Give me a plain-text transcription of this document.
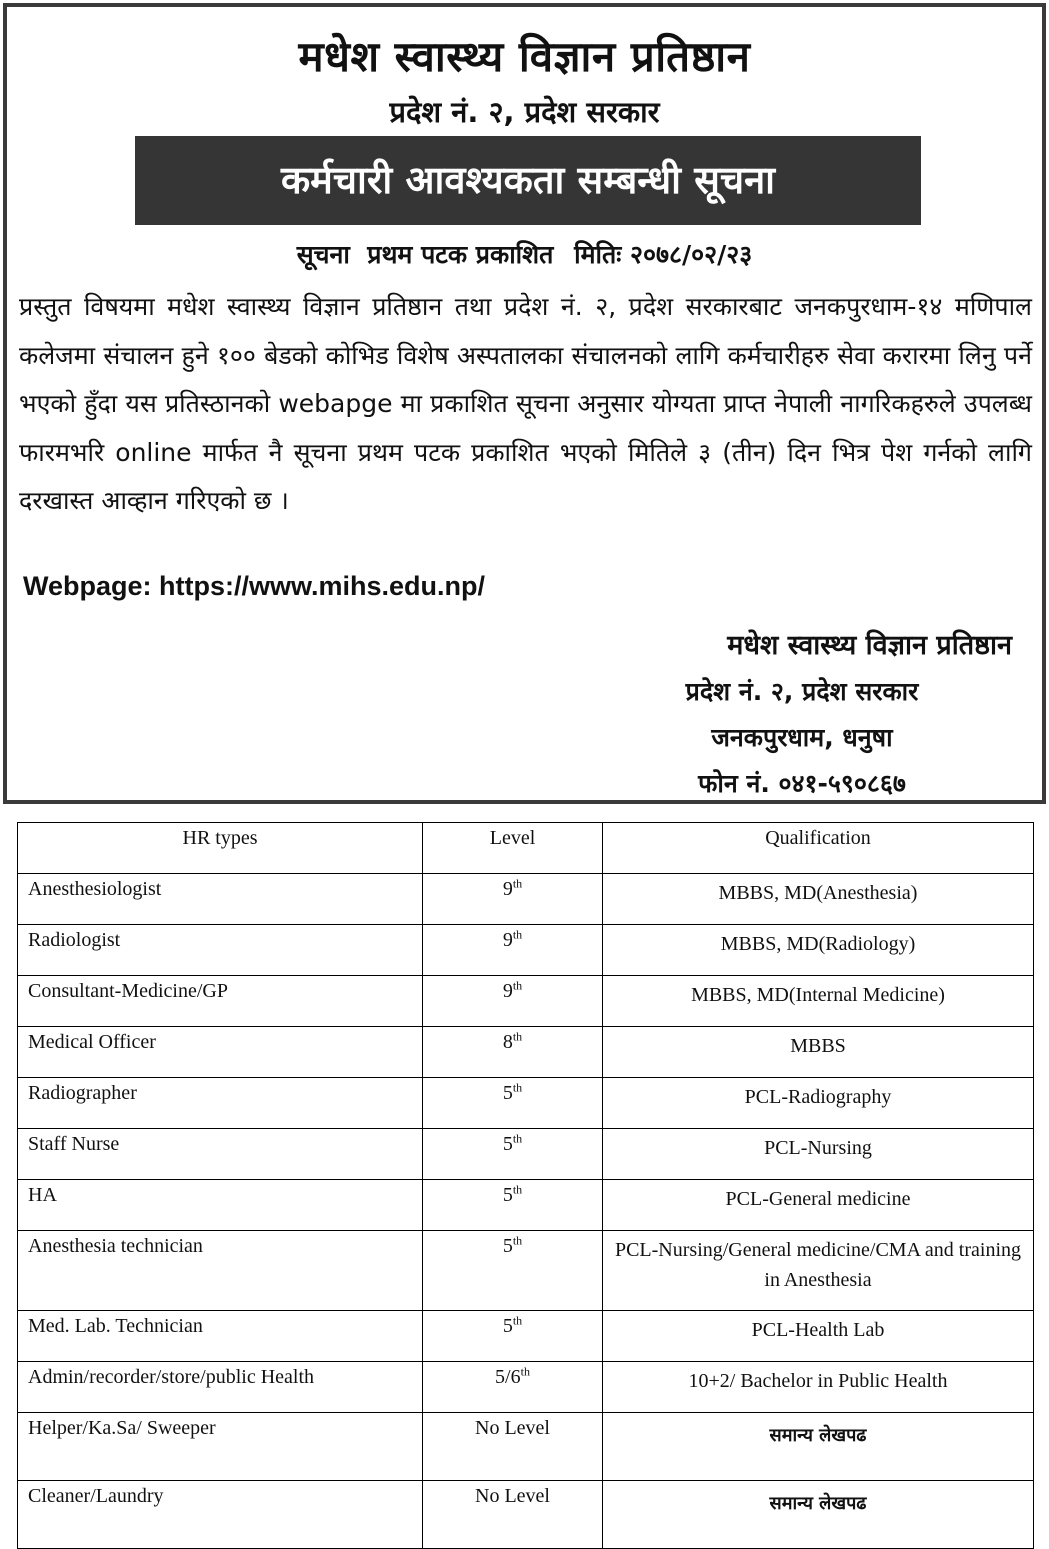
मधेश स्वास्थ्य विज्ञान प्रतिष्ठान
प्रदेश नं. २, प्रदेश सरकार
कर्मचारी आवश्यकता सम्बन्धी सूचना
सूचना  प्रथम पटक प्रकाशित मितिः २०७८/०२/२३
प्रस्तुत विषयमा मधेश स्वास्थ्य विज्ञान प्रतिष्ठान तथा प्रदेश नं. २, प्रदेश सरकारबाट जनकपुरधाम-१४ मणिपाल कलेजमा संचालन हुने १०० बेडको कोभिड विशेष अस्पतालका संचालनको लागि कर्मचारीहरु सेवा करारमा लिनु पर्ने भएको हुँदा यस प्रतिस्ठानको webapge मा प्रकाशित सूचना अनुसार योग्यता प्राप्त नेपाली नागरिकहरुले उपलब्ध फारमभरि online मार्फत नै सूचना प्रथम पटक प्रकाशित भएको मितिले ३ (तीन) दिन भित्र पेश गर्नको लागि दरखास्त आव्हान गरिएको छ ।
Webpage: https://www.mihs.edu.np/
मधेश स्वास्थ्य विज्ञान प्रतिष्ठान
प्रदेश नं. २, प्रदेश सरकार
जनकपुरधाम, धनुषा
फोन नं. ०४१-५९०८६७
HR types	Level	Qualification
Anesthesiologist	9th	MBBS, MD(Anesthesia)
Radiologist	9th	MBBS, MD(Radiology)
Consultant-Medicine/GP	9th	MBBS, MD(Internal Medicine)
Medical Officer	8th	MBBS
Radiographer	5th	PCL-Radiography
Staff Nurse	5th	PCL-Nursing
HA	5th	PCL-General medicine
Anesthesia technician	5th	PCL-Nursing/General medicine/CMA and training in Anesthesia
Med. Lab. Technician	5th	PCL-Health Lab
Admin/recorder/store/public Health	5/6th	10+2/ Bachelor in Public Health
Helper/Ka.Sa/ Sweeper	No Level	समान्य लेखपढ
Cleaner/Laundry	No Level	समान्य लेखपढ
